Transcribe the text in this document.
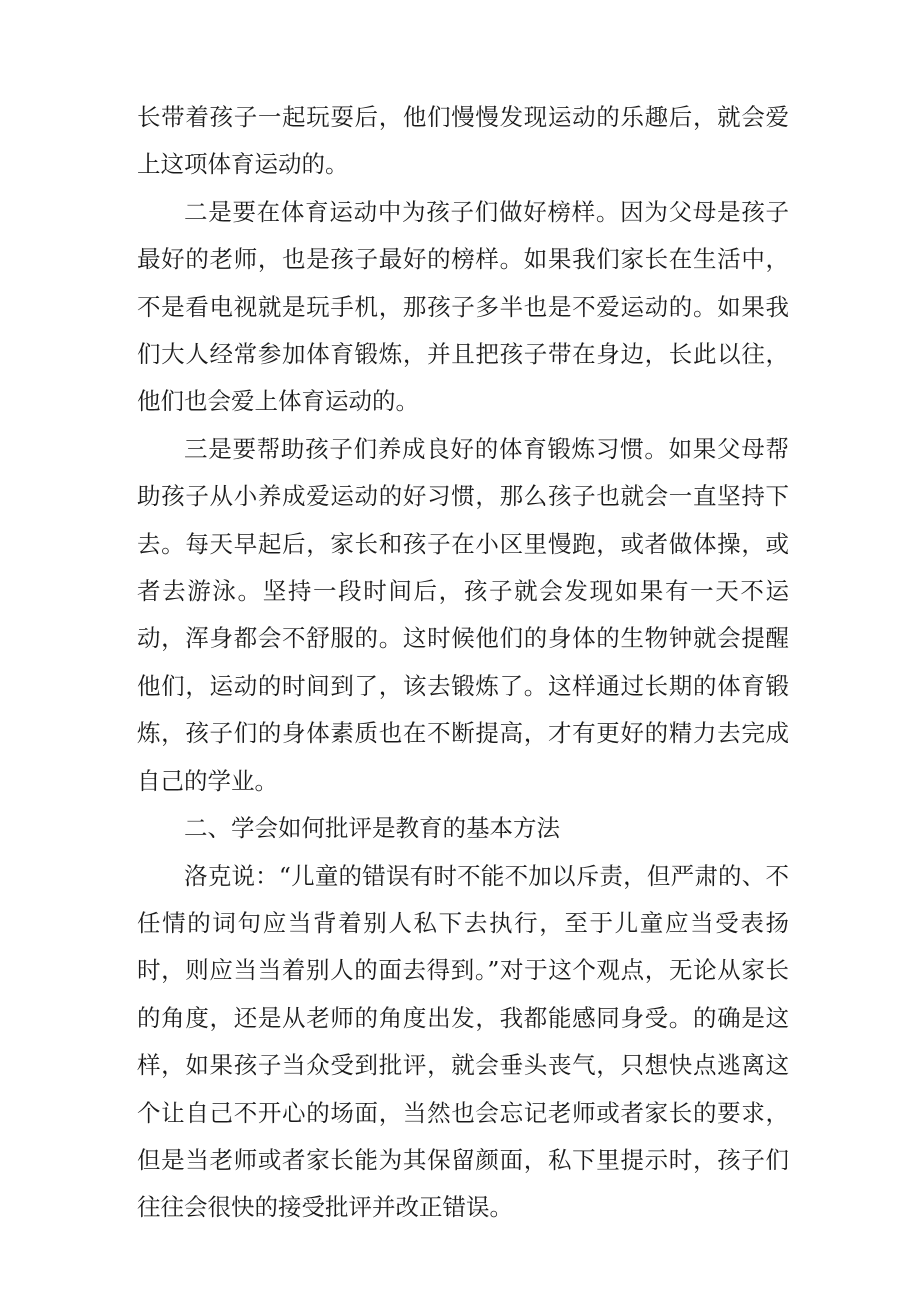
长带着孩子一起玩耍后，他们慢慢发现运动的乐趣后，就会爱上这项体育运动的。

二是要在体育运动中为孩子们做好榜样。因为父母是孩子最好的老师，也是孩子最好的榜样。如果我们家长在生活中，不是看电视就是玩手机，那孩子多半也是不爱运动的。如果我们大人经常参加体育锻炼，并且把孩子带在身边，长此以往，他们也会爱上体育运动的。

三是要帮助孩子们养成良好的体育锻炼习惯。如果父母帮助孩子从小养成爱运动的好习惯，那么孩子也就会一直坚持下去。每天早起后，家长和孩子在小区里慢跑，或者做体操，或者去游泳。坚持一段时间后，孩子就会发现如果有一天不运动，浑身都会不舒服的。这时候他们的身体的生物钟就会提醒他们，运动的时间到了，该去锻炼了。这样通过长期的体育锻炼，孩子们的身体素质也在不断提高，才有更好的精力去完成自己的学业。

二、学会如何批评是教育的基本方法

洛克说：“儿童的错误有时不能不加以斥责，但严肃的、不任情的词句应当背着别人私下去执行，至于儿童应当受表扬时，则应当当着别人的面去得到。”对于这个观点，无论从家长的角度，还是从老师的角度出发，我都能感同身受。的确是这样，如果孩子当众受到批评，就会垂头丧气，只想快点逃离这个让自己不开心的场面，当然也会忘记老师或者家长的要求，但是当老师或者家长能为其保留颜面，私下里提示时，孩子们往往会很快的接受批评并改正错误。
